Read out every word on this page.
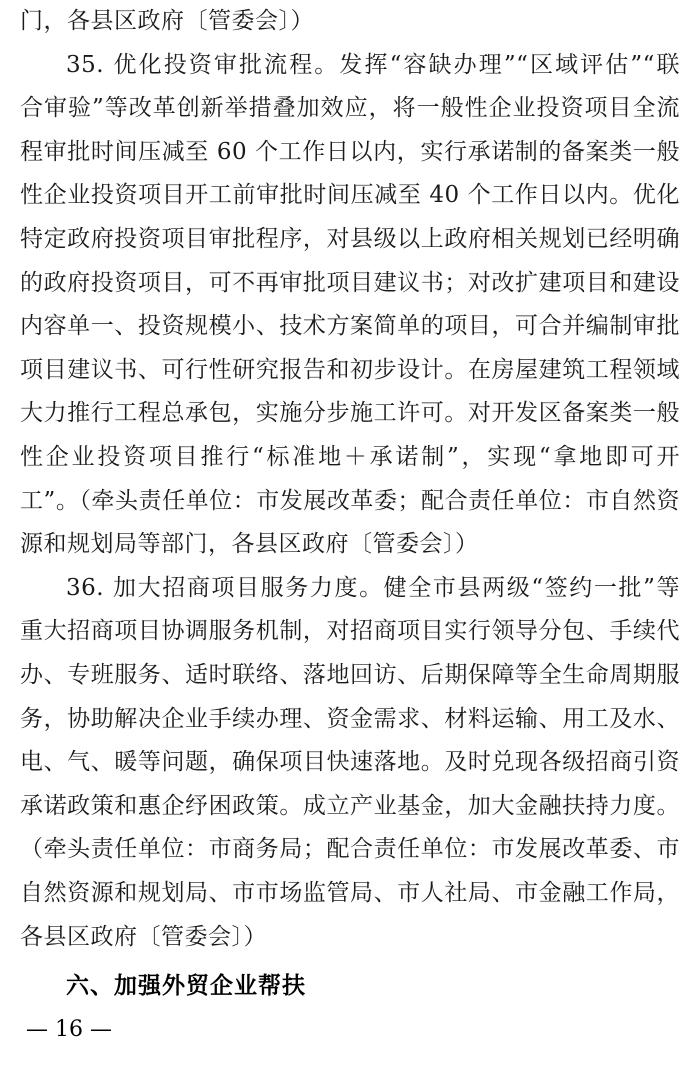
门，各县区政府〔管委会〕）
35. 优化投资审批流程。发挥“容缺办理”“区域评估”“联
合审验”等改革创新举措叠加效应，将一般性企业投资项目全流
程审批时间压减至 60 个工作日以内，实行承诺制的备案类一般
性企业投资项目开工前审批时间压减至 40 个工作日以内。优化
特定政府投资项目审批程序，对县级以上政府相关规划已经明确
的政府投资项目，可不再审批项目建议书；对改扩建项目和建设
内容单一、投资规模小、技术方案简单的项目，可合并编制审批
项目建议书、可行性研究报告和初步设计。在房屋建筑工程领域
大力推行工程总承包，实施分步施工许可。对开发区备案类一般
性企业投资项目推行“标准地＋承诺制”，实现“拿地即可开
工”。（牵头责任单位：市发展改革委；配合责任单位：市自然资
源和规划局等部门，各县区政府〔管委会〕）
36. 加大招商项目服务力度。健全市县两级“签约一批”等
重大招商项目协调服务机制，对招商项目实行领导分包、手续代
办、专班服务、适时联络、落地回访、后期保障等全生命周期服
务，协助解决企业手续办理、资金需求、材料运输、用工及水、
电、气、暖等问题，确保项目快速落地。及时兑现各级招商引资
承诺政策和惠企纾困政策。成立产业基金，加大金融扶持力度。
（牵头责任单位：市商务局；配合责任单位：市发展改革委、市
自然资源和规划局、市市场监管局、市人社局、市金融工作局，
各县区政府〔管委会〕）
六、加强外贸企业帮扶
— 16 —
